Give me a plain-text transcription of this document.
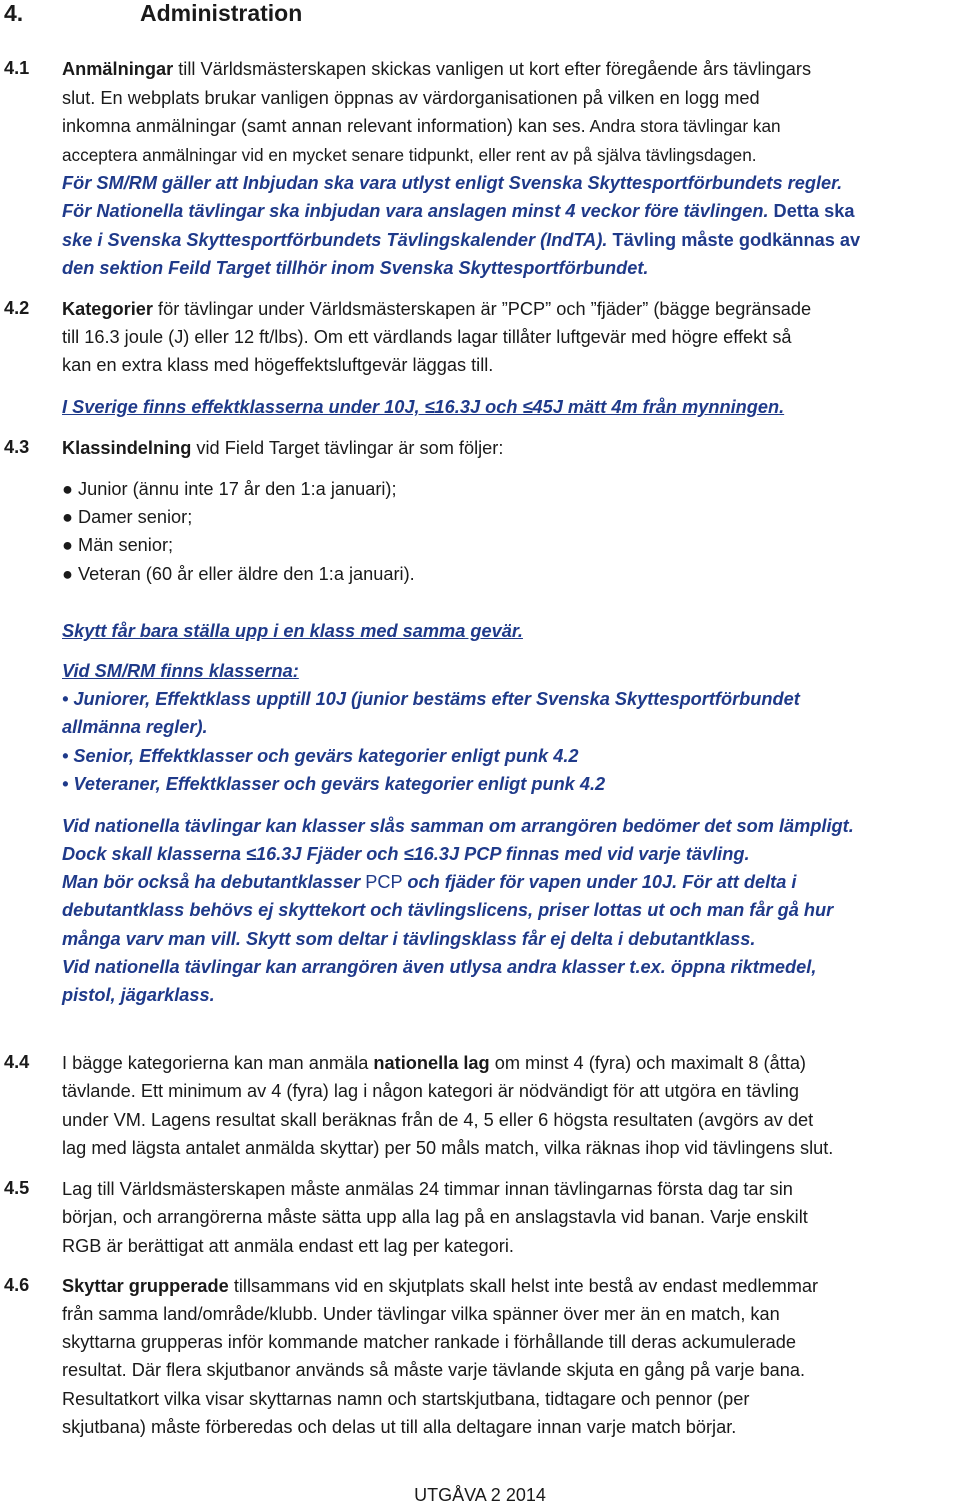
4.	Administration
4.1 Anmälningar till Världsmästerskapen skickas vanligen ut kort efter föregående års tävlingars
slut. En webplats brukar vanligen öppnas av värdorganisationen på vilken en logg med
inkomna anmälningar (samt annan relevant information) kan ses. Andra stora tävlingar kan
acceptera anmälningar vid en mycket senare tidpunkt, eller rent av på själva tävlingsdagen.
För SM/RM gäller att Inbjudan ska vara utlyst enligt Svenska Skyttesportförbundets regler.
För Nationella tävlingar ska inbjudan vara anslagen minst 4 veckor före tävlingen. Detta ska
ske i Svenska Skyttesportförbundets Tävlingskalender (IndTA). Tävling måste godkännas av
den sektion Feild Target tillhör inom Svenska Skyttesportförbundet.
4.2 Kategorier för tävlingar under Världsmästerskapen är ”PCP” och ”fjäder” (bägge begränsade
till 16.3 joule (J) eller 12 ft/lbs). Om ett värdlands lagar tillåter luftgevär med högre effekt så
kan en extra klass med högeffektsluftgevär läggas till.
I Sverige finns effektklasserna under 10J, ≤16.3J och ≤45J mätt 4m från mynningen.
4.3 Klassindelning vid Field Target tävlingar är som följer:
● Junior (ännu inte 17 år den 1:a januari);
● Damer senior;
● Män senior;
● Veteran (60 år eller äldre den 1:a januari).
Skytt får bara ställa upp i en klass med samma gevär.
Vid SM/RM finns klasserna:
• Juniorer, Effektklass upptill 10J (junior bestäms efter Svenska Skyttesportförbundet
allmänna regler).
• Senior, Effektklasser och gevärs kategorier enligt punk 4.2
• Veteraner, Effektklasser och gevärs kategorier enligt punk 4.2
Vid nationella tävlingar kan klasser slås samman om arrangören bedömer det som lämpligt.
Dock skall klasserna ≤16.3J Fjäder och ≤16.3J PCP finnas med vid varje tävling.
Man bör också ha debutantklasser PCP och fjäder för vapen under 10J. För att delta i
debutantklass behövs ej skyttekort och tävlingslicens, priser lottas ut och man får gå hur
många varv man vill. Skytt som deltar i tävlingsklass får ej delta i debutantklass.
Vid nationella tävlingar kan arrangören även utlysa andra klasser t.ex. öppna riktmedel,
pistol, jägarklass.
4.4 I bägge kategorierna kan man anmäla nationella lag om minst 4 (fyra) och maximalt 8 (åtta)
tävlande. Ett minimum av 4 (fyra) lag i någon kategori är nödvändigt för att utgöra en tävling
under VM. Lagens resultat skall beräknas från de 4, 5 eller 6 högsta resultaten (avgörs av det
lag med lägsta antalet anmälda skyttar) per 50 måls match, vilka räknas ihop vid tävlingens slut.
4.5 Lag till Världsmästerskapen måste anmälas 24 timmar innan tävlingarnas första dag tar sin
början, och arrangörerna måste sätta upp alla lag på en anslagstavla vid banan. Varje enskilt
RGB är berättigat att anmäla endast ett lag per kategori.
4.6 Skyttar grupperade tillsammans vid en skjutplats skall helst inte bestå av endast medlemmar
från samma land/område/klubb. Under tävlingar vilka spänner över mer än en match, kan
skyttarna grupperas inför kommande matcher rankade i förhållande till deras ackumulerade
resultat. Där flera skjutbanor används så måste varje tävlande skjuta en gång på varje bana.
Resultatkort vilka visar skyttarnas namn och startskjutbana, tidtagare och pennor (per
skjutbana) måste förberedas och delas ut till alla deltagare innan varje match börjar.
UTGÅVA 2 2014
